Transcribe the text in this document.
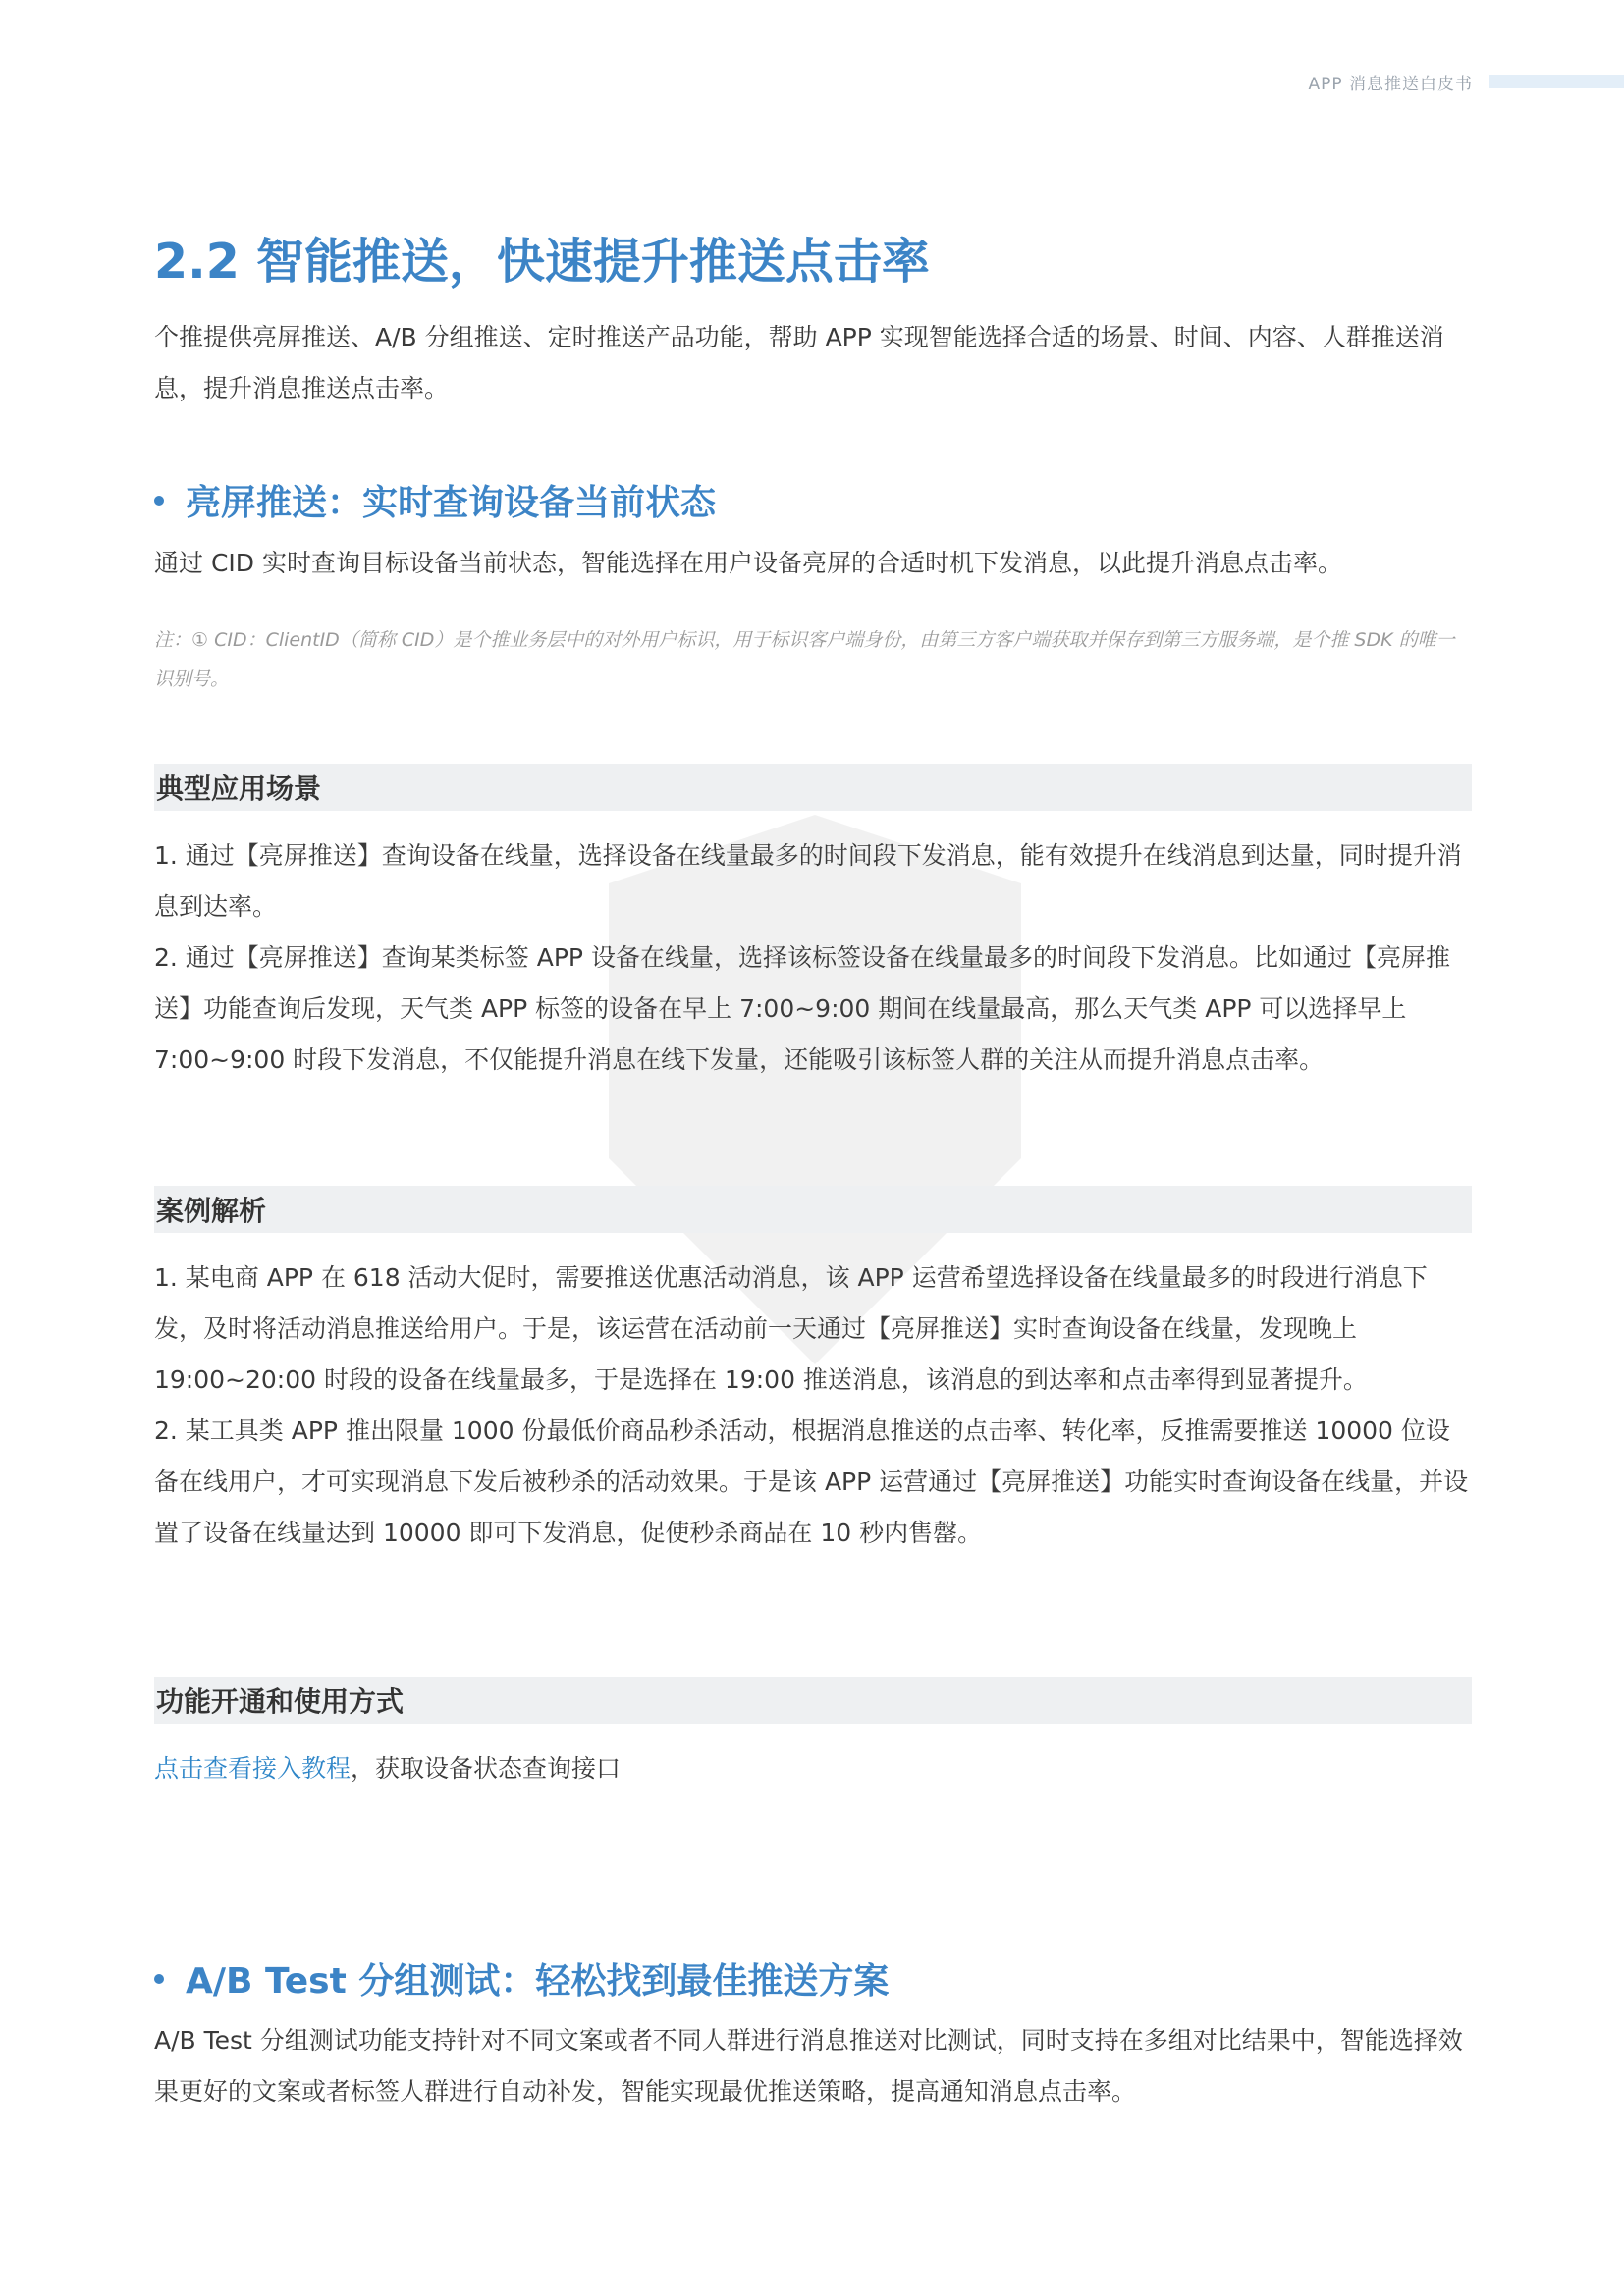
APP 消息推送白皮书
2.2 智能推送，快速提升推送点击率

个推提供亮屏推送、A/B 分组推送、定时推送产品功能，帮助 APP 实现智能选择合适的场景、时间、内容、人群推送消息，提升消息推送点击率。

亮屏推送：实时查询设备当前状态

通过 CID 实时查询目标设备当前状态，智能选择在用户设备亮屏的合适时机下发消息，以此提升消息点击率。

注：① CID：ClientID（简称 CID）是个推业务层中的对外用户标识，用于标识客户端身份，由第三方客户端获取并保存到第三方服务端，是个推 SDK 的唯一识别号。
典型应用场景

1. 通过【亮屏推送】查询设备在线量，选择设备在线量最多的时间段下发消息，能有效提升在线消息到达量，同时提升消息到达率。

2. 通过【亮屏推送】查询某类标签 APP 设备在线量，选择该标签设备在线量最多的时间段下发消息。比如通过【亮屏推送】功能查询后发现，天气类 APP 标签的设备在早上 7:00~9:00 期间在线量最高，那么天气类 APP 可以选择早上 7:00~9:00 时段下发消息，不仅能提升消息在线下发量，还能吸引该标签人群的关注从而提升消息点击率。

案例解析

1. 某电商 APP 在 618 活动大促时，需要推送优惠活动消息，该 APP 运营希望选择设备在线量最多的时段进行消息下发，及时将活动消息推送给用户。于是，该运营在活动前一天通过【亮屏推送】实时查询设备在线量，发现晚上 19:00~20:00 时段的设备在线量最多，于是选择在 19:00 推送消息，该消息的到达率和点击率得到显著提升。

2. 某工具类 APP 推出限量 1000 份最低价商品秒杀活动，根据消息推送的点击率、转化率，反推需要推送 10000 位设备在线用户，才可实现消息下发后被秒杀的活动效果。于是该 APP 运营通过【亮屏推送】功能实时查询设备在线量，并设置了设备在线量达到 10000 即可下发消息，促使秒杀商品在 10 秒内售罄。

功能开通和使用方式

点击查看接入教程，获取设备状态查询接口

A/B Test 分组测试：轻松找到最佳推送方案

A/B Test 分组测试功能支持针对不同文案或者不同人群进行消息推送对比测试，同时支持在多组对比结果中，智能选择效果更好的文案或者标签人群进行自动补发，智能实现最优推送策略，提高通知消息点击率。
